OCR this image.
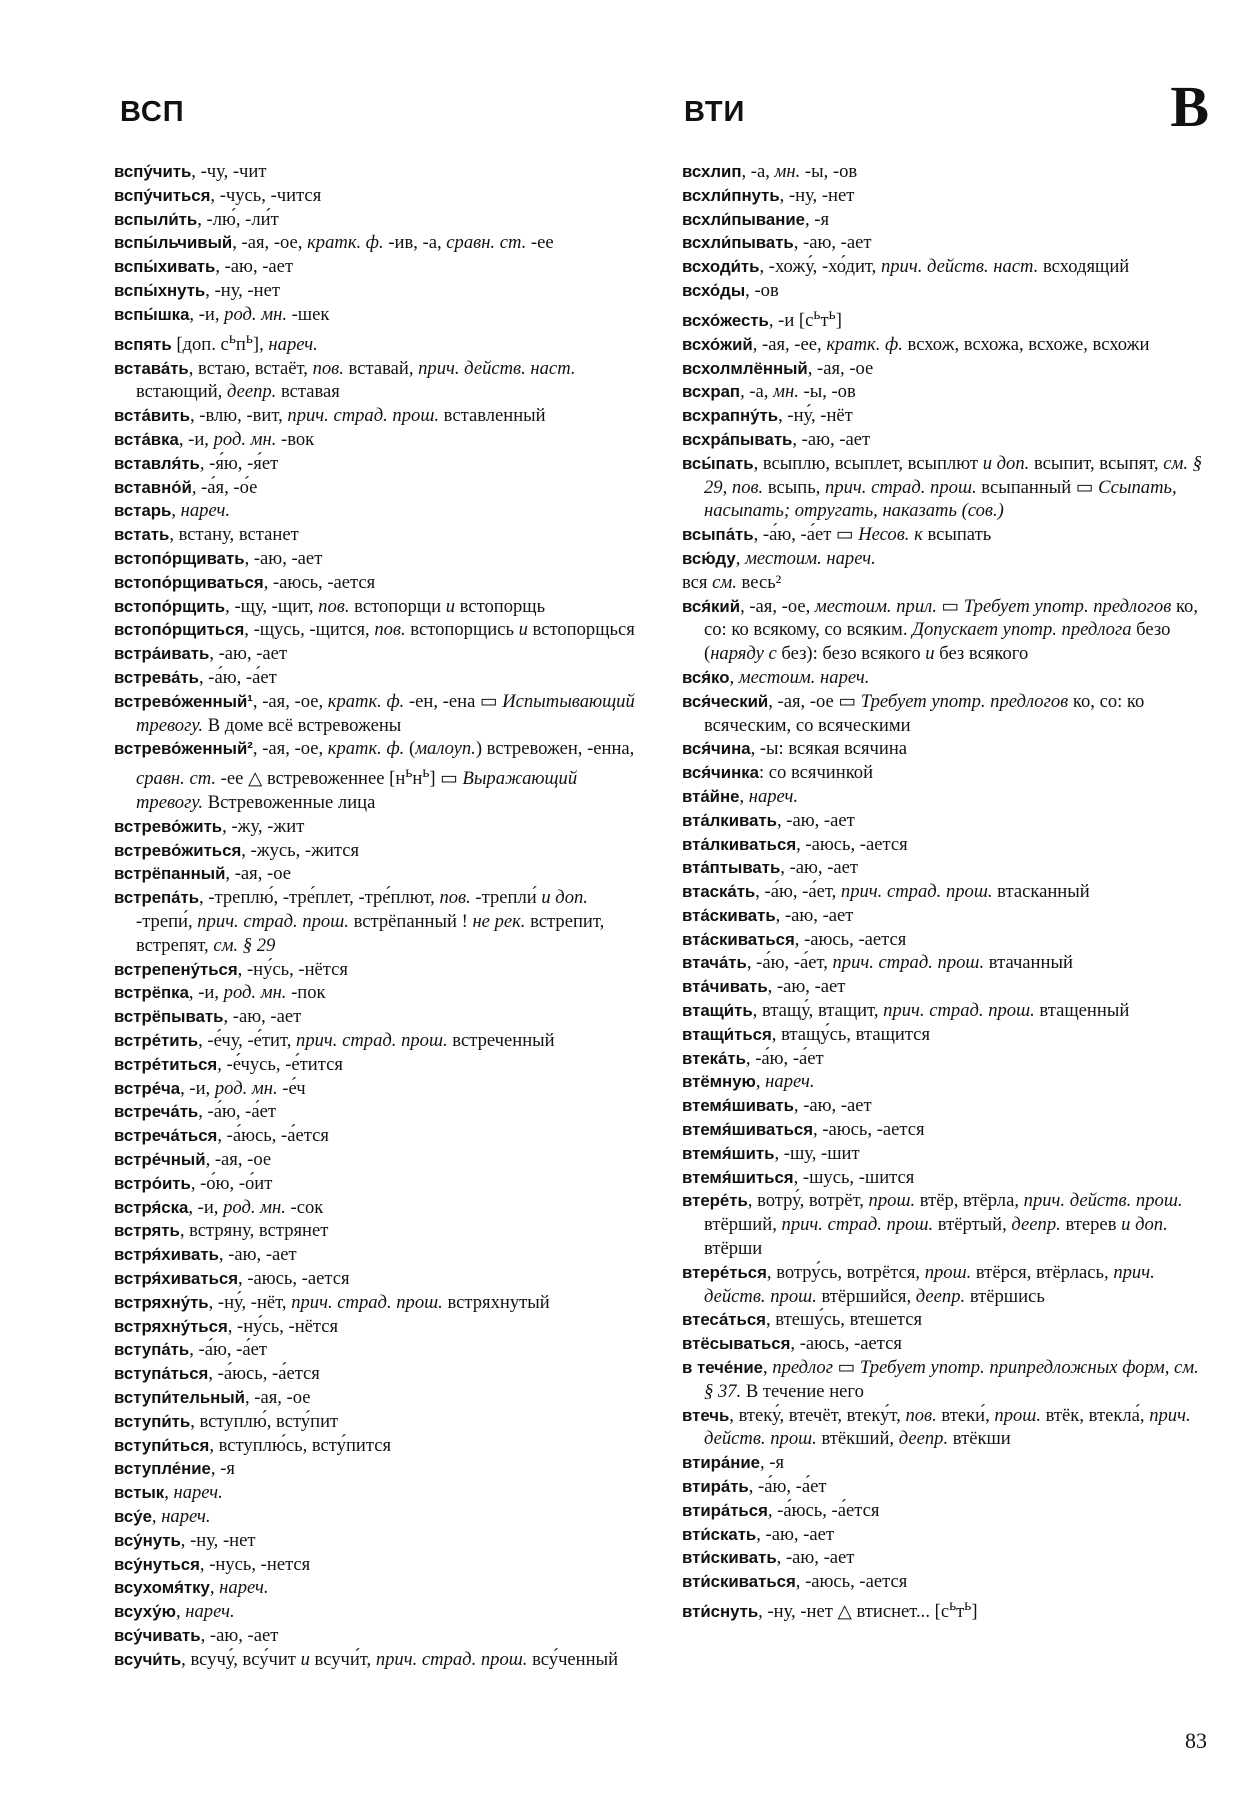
ВСП	ВТИ	В

вспу́чить, -чу, -чит

вспу́читься, -чусь, -чится

вспыли́ть, -лю́, -ли́т

вспы́льчивый, -ая, -ое, кратк. ф. -ив, -а, сравн. ст. -ее

вспы́хивать, -аю, -ает

вспы́хнуть, -ну, -нет

вспы́шка, -и, род. мн. -шек

вспять [доп. $с^ьп^ь$], нареч.

встава́ть, встаю, встаёт, пов. вставай, прич. действ. наст. встающий, деепр. вставая

вста́вить, -влю, -вит, прич. страд. прош. вставленный

вста́вка, -и, род. мн. -вок

вставля́ть, -я́ю, -я́ет

вставно́й, -а́я, -о́е

встарь, нареч.

встать, встану, встанет

встопо́рщивать, -аю, -ает

встопо́рщиваться, -аюсь, -ается

встопо́рщить, -щу, -щит, пов. встопорщи и встопорщь

встопо́рщиться, -щусь, -щится, пов. встопорщись и встопорщься

встра́ивать, -аю, -ает

встрева́ть, -а́ю, -а́ет

встрево́женный¹, -ая, -ое, кратк. ф. -ен, -ена ▭ Испытывающий тревогу. В доме всё встревожены

встрево́женный², -ая, -ое, кратк. ф. (малоуп.) встревожен, -енна, сравн. ст. -ее △ встревоженнее $[н^ьн^ь]$ ▭ Выражающий тревогу. Встревоженные лица

встрево́жить, -жу, -жит

встрево́житься, -жусь, -жится

встрёпанный, -ая, -ое

встрепа́ть, -треплю́, -тре́плет, -тре́плют, пов. -трепли́ и доп. -трепи́, прич. страд. прош. встрёпанный ! не рек. встрепит, встрепят, см. § 29

встрепену́ться, -ну́сь, -нётся

встрёпка, -и, род. мн. -пок

встрёпывать, -аю, -ает

встре́тить, -е́чу, -е́тит, прич. страд. прош. встреченный

встре́титься, -е́чусь, -е́тится

встре́ча, -и, род. мн. -е́ч

встреча́ть, -а́ю, -а́ет

встреча́ться, -а́юсь, -а́ется

встре́чный, -ая, -ое

встро́ить, -о́ю, -о́ит

встря́ска, -и, род. мн. -сок

встрять, встряну, встрянет

встря́хивать, -аю, -ает

встря́хиваться, -аюсь, -ается

встряхну́ть, -ну́, -нёт, прич. страд. прош. встряхнутый

встряхну́ться, -ну́сь, -нётся

вступа́ть, -а́ю, -а́ет

вступа́ться, -а́юсь, -а́ется

вступи́тельный, -ая, -ое

вступи́ть, вступлю́, всту́пит

вступи́ться, вступлю́сь, всту́пится

вступле́ние, -я

встык, нареч.

всу́е, нареч.

всу́нуть, -ну, -нет

всу́нуться, -нусь, -нется

всухомя́тку, нареч.

всуху́ю, нареч.

всу́чивать, -аю, -ает

всучи́ть, всучу́, всу́чит и всучи́т, прич. страд. прош. всу́ченный

всхлип, -а, мн. -ы, -ов

всхли́пнуть, -ну, -нет

всхли́пывание, -я

всхли́пывать, -аю, -ает

всходи́ть, -хожу́, -хо́дит, прич. действ. наст. всходящий

всхо́ды, -ов

всхо́жесть, -и $[с^ьт^ь]$

всхо́жий, -ая, -ее, кратк. ф. всхож, всхожа, всхоже, всхожи

всхолмлённый, -ая, -ое

всхрап, -а, мн. -ы, -ов

всхрапну́ть, -ну́, -нёт

всхра́пывать, -аю, -ает

всы́пать, всыплю, всыплет, всыплют и доп. всыпит, всыпят, см. § 29, пов. всыпь, прич. страд. прош. всыпанный ▭ Ссыпать, насыпать; отругать, наказать (сов.)

всыпа́ть, -а́ю, -а́ет ▭ Несов. к всыпать

всю́ду, местоим. нареч.

вся см. весь²

вся́кий, -ая, -ое, местоим. прил. ▭ Требует употр. предлогов ко, со: ко всякому, со всяким. Допускает употр. предлога безо (наряду с без): безо всякого и без всякого

вся́ко, местоим. нареч.

вся́ческий, -ая, -ое ▭ Требует употр. предлогов ко, со: ко всяческим, со всяческими

вся́чина, -ы: всякая всячина

вся́чинка: со всячинкой

вта́йне, нареч.

вта́лкивать, -аю, -ает

вта́лкиваться, -аюсь, -ается

вта́птывать, -аю, -ает

втаска́ть, -а́ю, -а́ет, прич. страд. прош. втасканный

вта́скивать, -аю, -ает

вта́скиваться, -аюсь, -ается

втача́ть, -а́ю, -а́ет, прич. страд. прош. втачанный

вта́чивать, -аю, -ает

втащи́ть, втащу́, втащит, прич. страд. прош. втащенный

втащи́ться, втащу́сь, втащится

втека́ть, -а́ю, -а́ет

втёмную, нареч.

втемя́шивать, -аю, -ает

втемя́шиваться, -аюсь, -ается

втемя́шить, -шу, -шит

втемя́шиться, -шусь, -шится

втере́ть, вотру́, вотрёт, прош. втёр, втёрла, прич. действ. прош. втёрший, прич. страд. прош. втёртый, деепр. втерев и доп. втёрши

втере́ться, вотру́сь, вотрётся, прош. втёрся, втёрлась, прич. действ. прош. втёршийся, деепр. втёршись

втеса́ться, втешу́сь, втешется

втёсываться, -аюсь, -ается

в тече́ние, предлог ▭ Требует употр. припредложных форм, см. § 37. В течение него

втечь, втеку́, втечёт, втеку́т, пов. втеки́, прош. втёк, втекла́, прич. действ. прош. втёкший, деепр. втёкши

втира́ние, -я

втира́ть, -а́ю, -а́ет

втира́ться, -а́юсь, -а́ется

вти́скать, -аю, -ает

вти́скивать, -аю, -ает

вти́скиваться, -аюсь, -ается

вти́снуть, -ну, -нет △ втиснет... $[с^ьт^ь]$

83
